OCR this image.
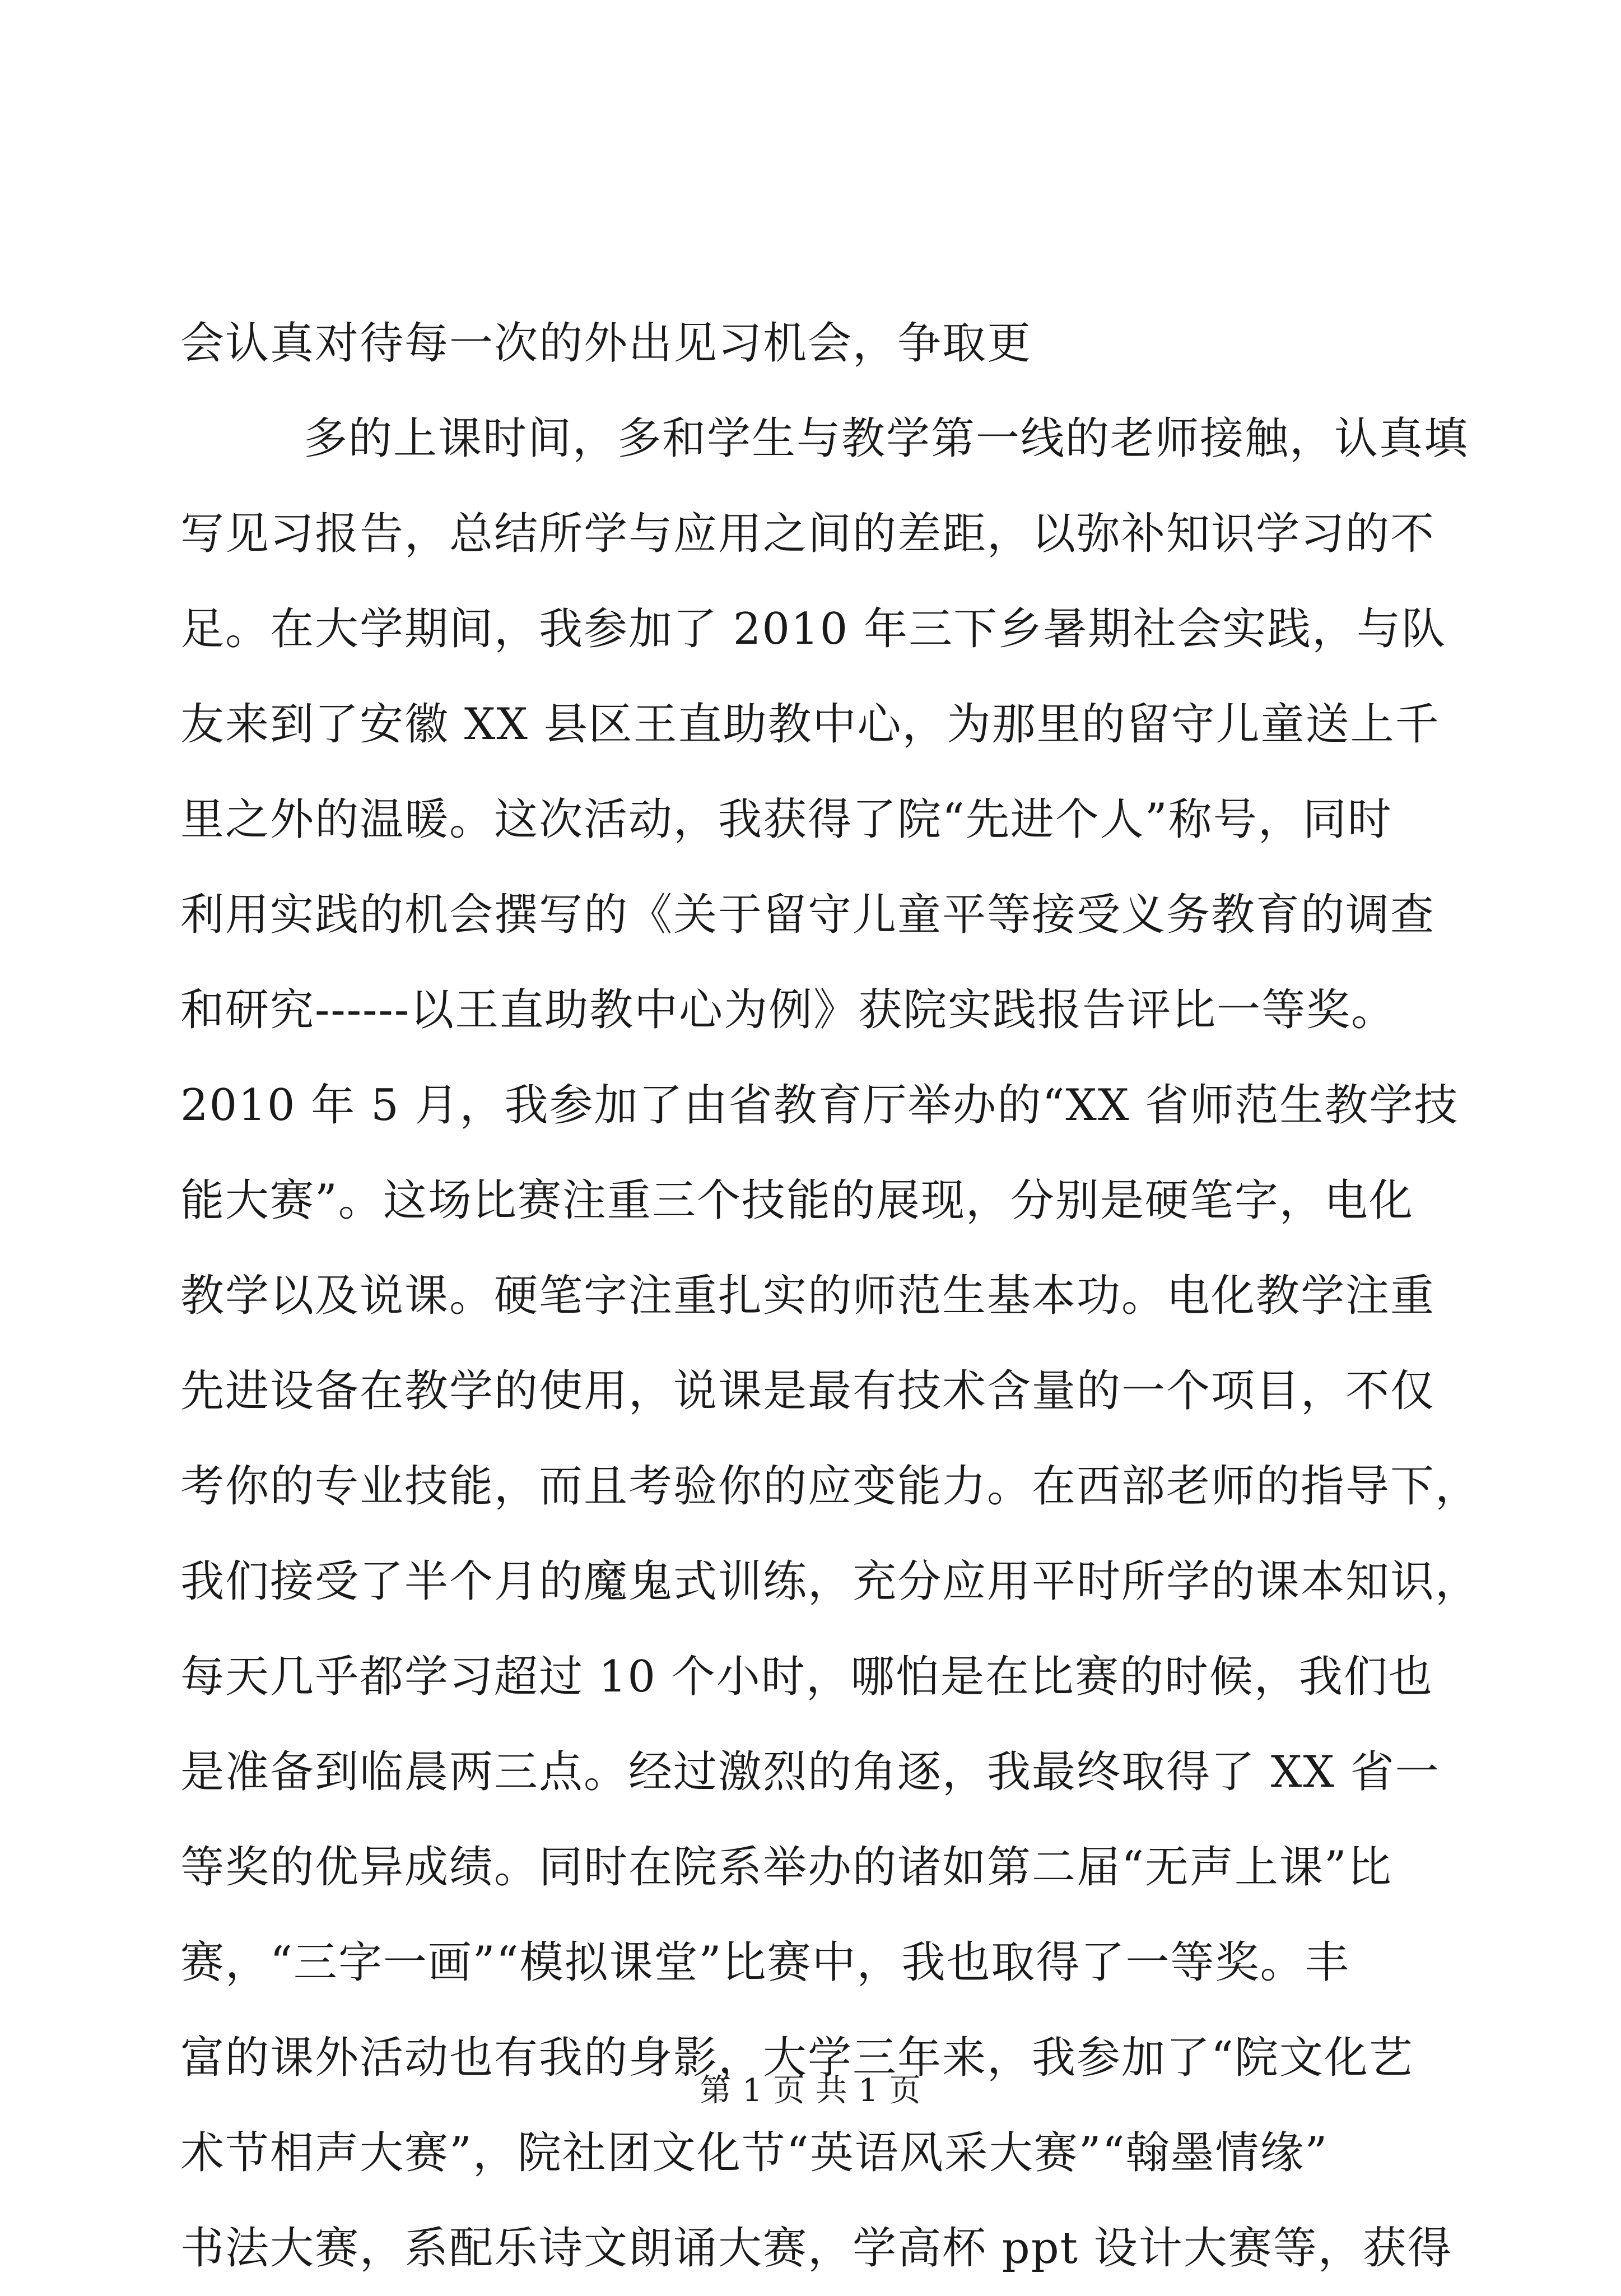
会认真对待每一次的外出见习机会，争取更
多的上课时间，多和学生与教学第一线的老师接触，认真填
写见习报告，总结所学与应用之间的差距，以弥补知识学习的不
足。在大学期间，我参加了 2010 年三下乡暑期社会实践，与队
友来到了安徽 XX 县区王直助教中心，为那里的留守儿童送上千
里之外的温暖。这次活动，我获得了院“先进个人”称号，同时
利用实践的机会撰写的《关于留守儿童平等接受义务教育的调查
和研究------以王直助教中心为例》获院实践报告评比一等奖。
2010 年 5 月，我参加了由省教育厅举办的“XX 省师范生教学技
能大赛”。这场比赛注重三个技能的展现，分别是硬笔字，电化
教学以及说课。硬笔字注重扎实的师范生基本功。电化教学注重
先进设备在教学的使用，说课是最有技术含量的一个项目，不仅
考你的专业技能，而且考验你的应变能力。在西部老师的指导下，
我们接受了半个月的魔鬼式训练，充分应用平时所学的课本知识，
每天几乎都学习超过 10 个小时，哪怕是在比赛的时候，我们也
是准备到临晨两三点。经过激烈的角逐，我最终取得了 XX 省一
等奖的优异成绩。同时在院系举办的诸如第二届“无声上课”比
赛，“三字一画”“模拟课堂”比赛中，我也取得了一等奖。丰
富的课外活动也有我的身影，大学三年来，我参加了“院文化艺
术节相声大赛”，院社团文化节“英语风采大赛”“翰墨情缘”
书法大赛，系配乐诗文朗诵大赛，学高杯 ppt 设计大赛等，获得
第 1 页 共 1 页
